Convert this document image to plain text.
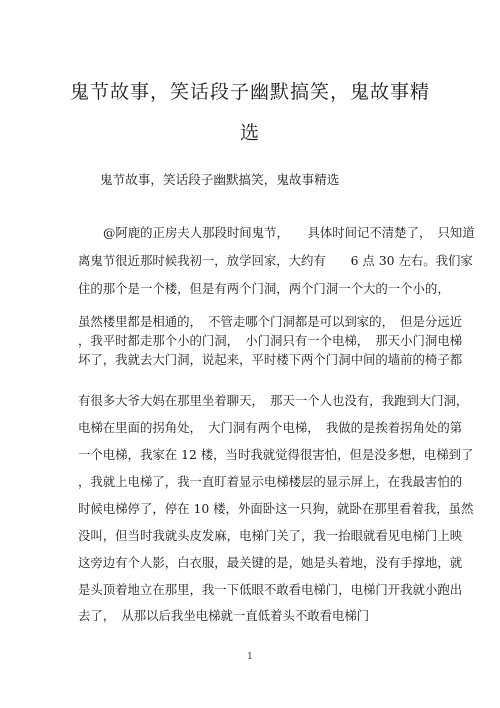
鬼节故事，笑话段子幽默搞笑，鬼故事精
选
鬼节故事，笑话段子幽默搞笑，鬼故事精选
@阿鹿的正房夫人那段时间鬼节，　　具体时间记不清楚了，　只知道
离鬼节很近那时候我初一，放学回家，大约有　　6 点 30 左右。我们家
住的那个是一个楼，但是有两个门洞，两个门洞一个大的一个小的，
虽然楼里都是相通的，　不管走哪个门洞都是可以到家的，　但是分远近
，我平时都走那个小的门洞，　小门洞只有一个电梯，　那天小门洞电梯
坏了，我就去大门洞，说起来，平时楼下两个门洞中间的墙前的椅子都
有很多大爷大妈在那里坐着聊天，　那天一个人也没有，我跑到大门洞，
电梯在里面的拐角处，　大门洞有两个电梯，　我做的是挨着拐角处的第
一个电梯，我家在 12 楼，当时我就觉得很害怕，但是没多想，电梯到了
，我就上电梯了，我一直盯着显示电梯楼层的显示屏上，在我最害怕的
时候电梯停了，停在 10 楼，外面卧这一只狗，就卧在那里看着我，虽然
没叫，但当时我就头皮发麻，电梯门关了，我一抬眼就看见电梯门上映
这旁边有个人影，白衣服，最关键的是，她是头着地，没有手撑地，就
是头顶着地立在那里，我一下低眼不敢看电梯门，电梯门开我就小跑出
去了，　从那以后我坐电梯就一直低着头不敢看电梯门
1
